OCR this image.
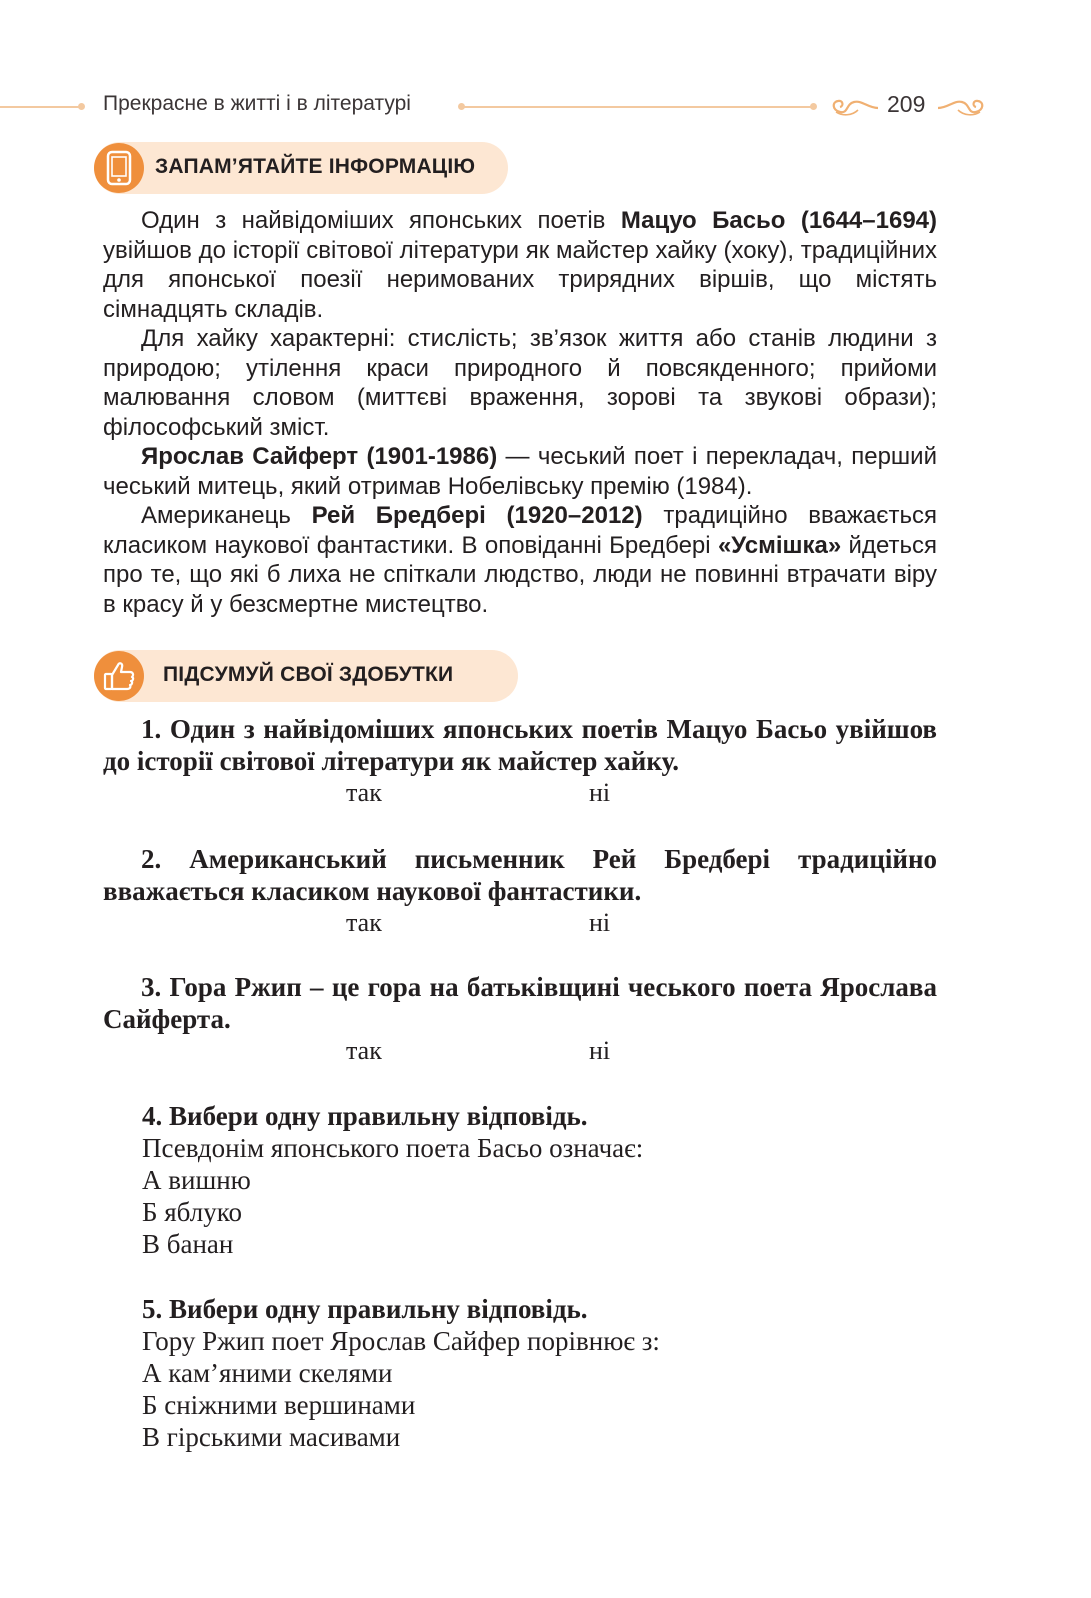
Прекрасне в житті і в літературі	209
ЗАПАМ’ЯТАЙТЕ ІНФОРМАЦІЮ

Один з найвідоміших японських поетів Мацуо Басьо (1644–1694) увійшов до історії світової літератури як майстер хайку (хоку), традиційних для японської поезії неримованих трирядних віршів, що містять сімнадцять складів.

Для хайку характерні: стислість; зв’язок життя або станів людини з природою; утілення краси природного й повсякденного; прийоми малювання словом (миттєві враження, зорові та звукові образи); філософський зміст.

Ярослав Сайферт (1901-1986) — чеський поет і перекладач, перший чеський митець, який отримав Нобелівську премію (1984).

Американець Рей Бредбері (1920–2012) традиційно вважається класиком наукової фантастики. В оповіданні Бредбері «Усмішка» йдеться про те, що які б лиха не спіткали людство, люди не повинні втрачати віру в красу й у безсмертне мистецтво.

ПІДСУМУЙ СВОЇ ЗДОБУТКИ

1. Один з найвідоміших японських поетів Мацуо Басьо увійшов до історії світової літератури як майстер хайку.

так	ні

2. Американський письменник Рей Бредбері традиційно вважається класиком наукової фантастики.

так	ні

3. Гора Ржип – це гора на батьківщині чеського поета Ярослава Сайферта.

так	ні
4. Вибери одну правильну відповідь.
Псевдонім японського поета Басьо означає:
А вишню
Б яблуко
В банан
5. Вибери одну правильну відповідь.
Гору Ржип поет Ярослав Сайфер порівнює з:
А кам’яними скелями
Б сніжними вершинами
В гірськими масивами
